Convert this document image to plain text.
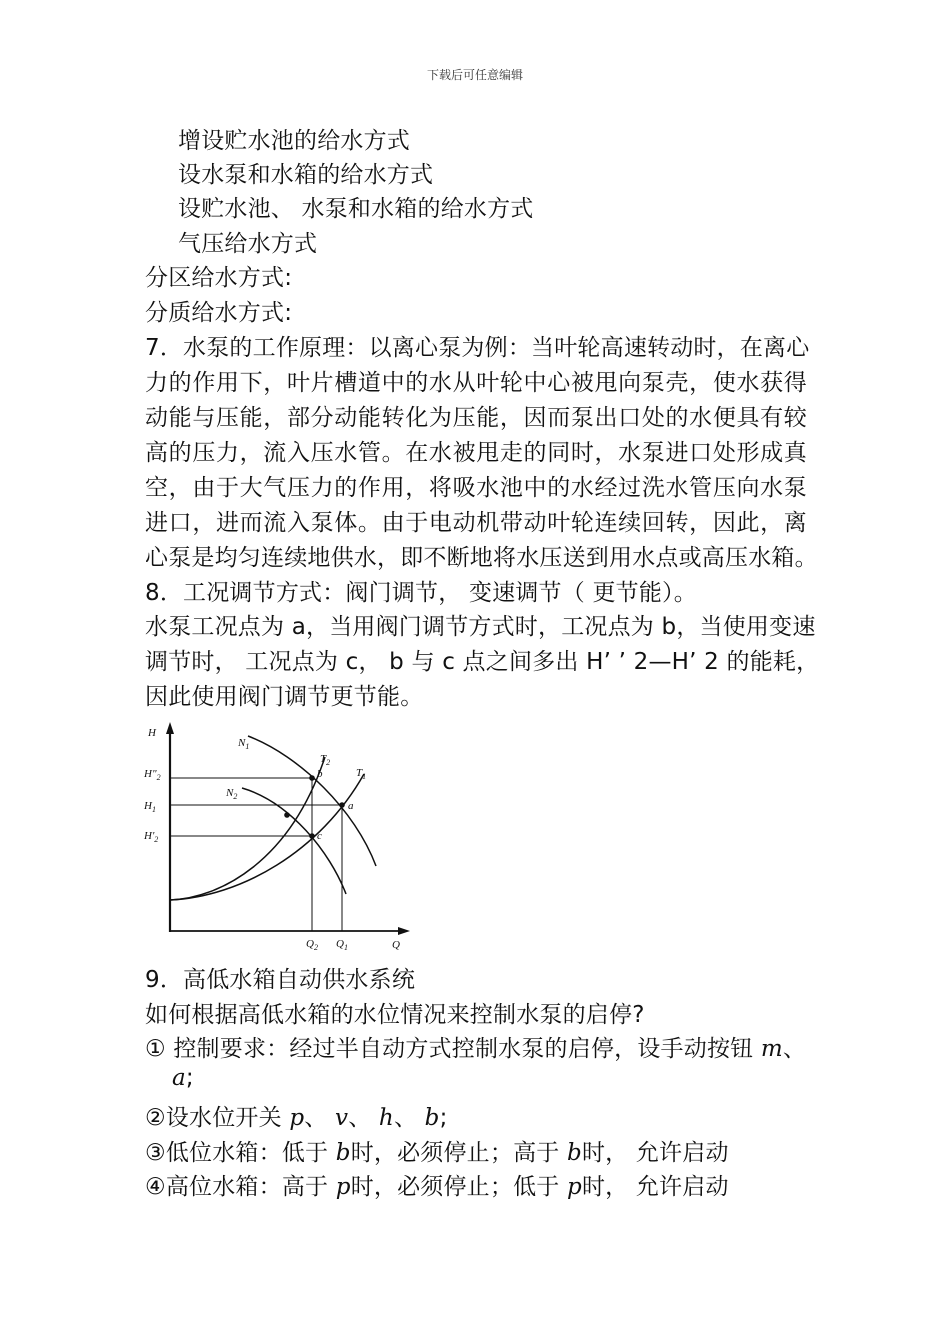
下载后可任意编辑
增设贮水池的给水方式
设水泵和水箱的给水方式
设贮水池、 水泵和水箱的给水方式
气压给水方式
分区给水方式:
分质给水方式:
7．水泵的工作原理：以离心泵为例：当叶轮高速转动时，在离心
力的作用下，叶片槽道中的水从叶轮中心被甩向泵壳，使水获得
动能与压能，部分动能转化为压能，因而泵出口处的水便具有较
高的压力，流入压水管。在水被甩走的同时，水泵进口处形成真
空，由于大气压力的作用，将吸水池中的水经过洗水管压向水泵
进口，进而流入泵体。由于电动机带动叶轮连续回转，因此，离
心泵是均匀连续地供水，即不断地将水压送到用水点或高压水箱。
8．工况调节方式：阀门调节， 变速调节（ 更节能）。
水泵工况点为 a，当用阀门调节方式时，工况点为 b，当使用变速
调节时， 工况点为 c， b 与 c 点之间多出 H’ ’ 2—H’ 2 的能耗，
因此使用阀门调节更节能。
H
Q
H"2
H1
H'2
Q2 Q1
N1
N2
T2
T1
b
a
c
9．高低水箱自动供水系统
如何根据高低水箱的水位情况来控制水泵的启停?
① 控制要求：经过半自动方式控制水泵的启停，设手动按钮 m、
a;
②设水位开关 p、 v、 h、 b;
③低位水箱：低于 b时，必须停止；高于 b时， 允许启动
④高位水箱：高于 p时，必须停止；低于 p时， 允许启动
